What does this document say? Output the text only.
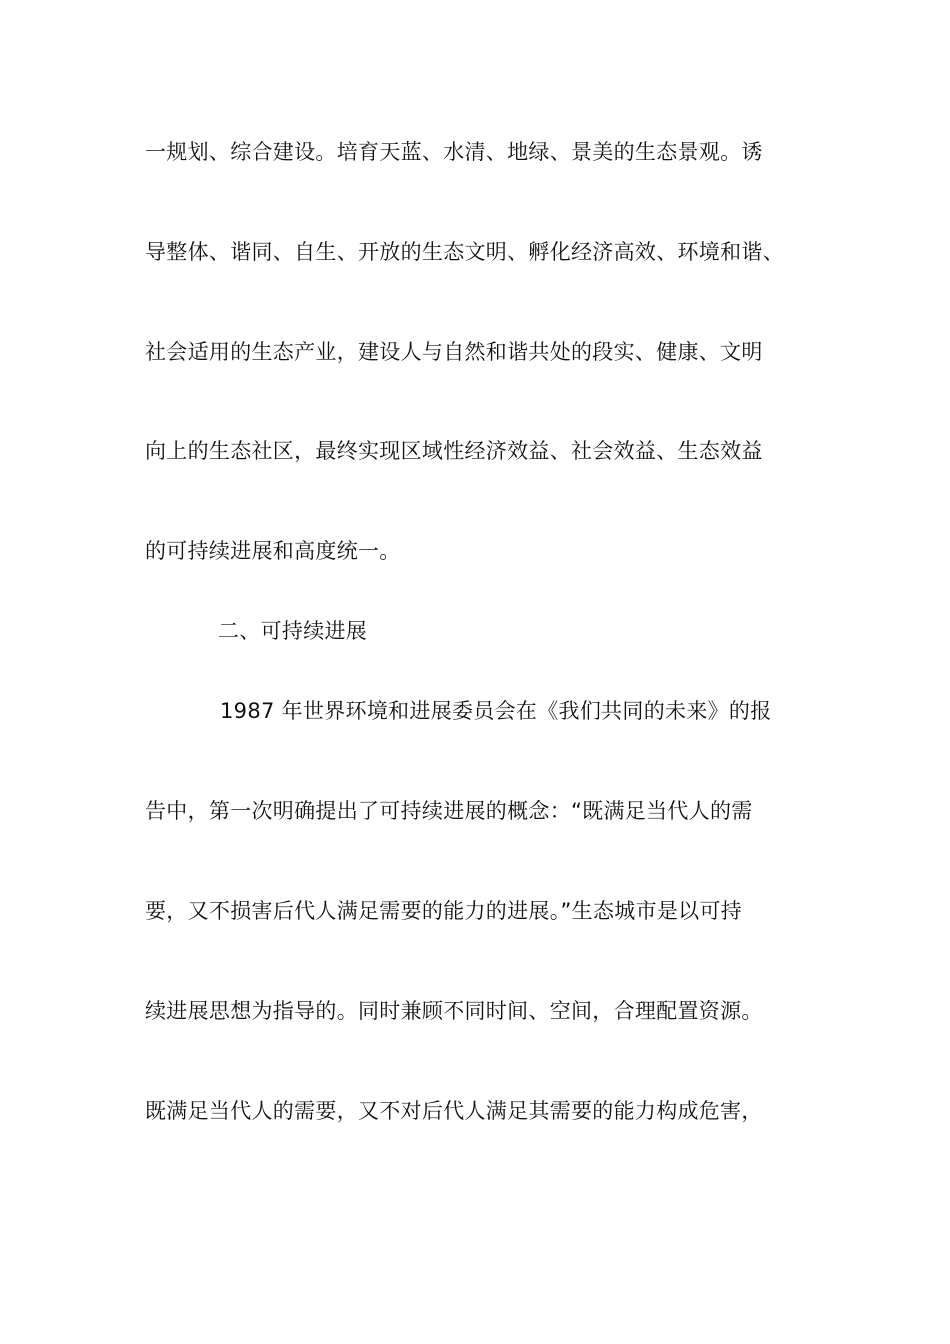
一规划、综合建设。培育天蓝、水清、地绿、景美的生态景观。诱
导整体、谐同、自生、开放的生态文明、孵化经济高效、环境和谐、
社会适用的生态产业，建设人与自然和谐共处的段实、健康、文明
向上的生态社区，最终实现区域性经济效益、社会效益、生态效益
的可持续进展和高度统一。
二、可持续进展
1987 年世界环境和进展委员会在《我们共同的未来》的报
告中，第一次明确提出了可持续进展的概念：“既满足当代人的需
要，又不损害后代人满足需要的能力的进展。”生态城市是以可持
续进展思想为指导的。同时兼顾不同时间、空间，合理配置资源。
既满足当代人的需要，又不对后代人满足其需要的能力构成危害，
